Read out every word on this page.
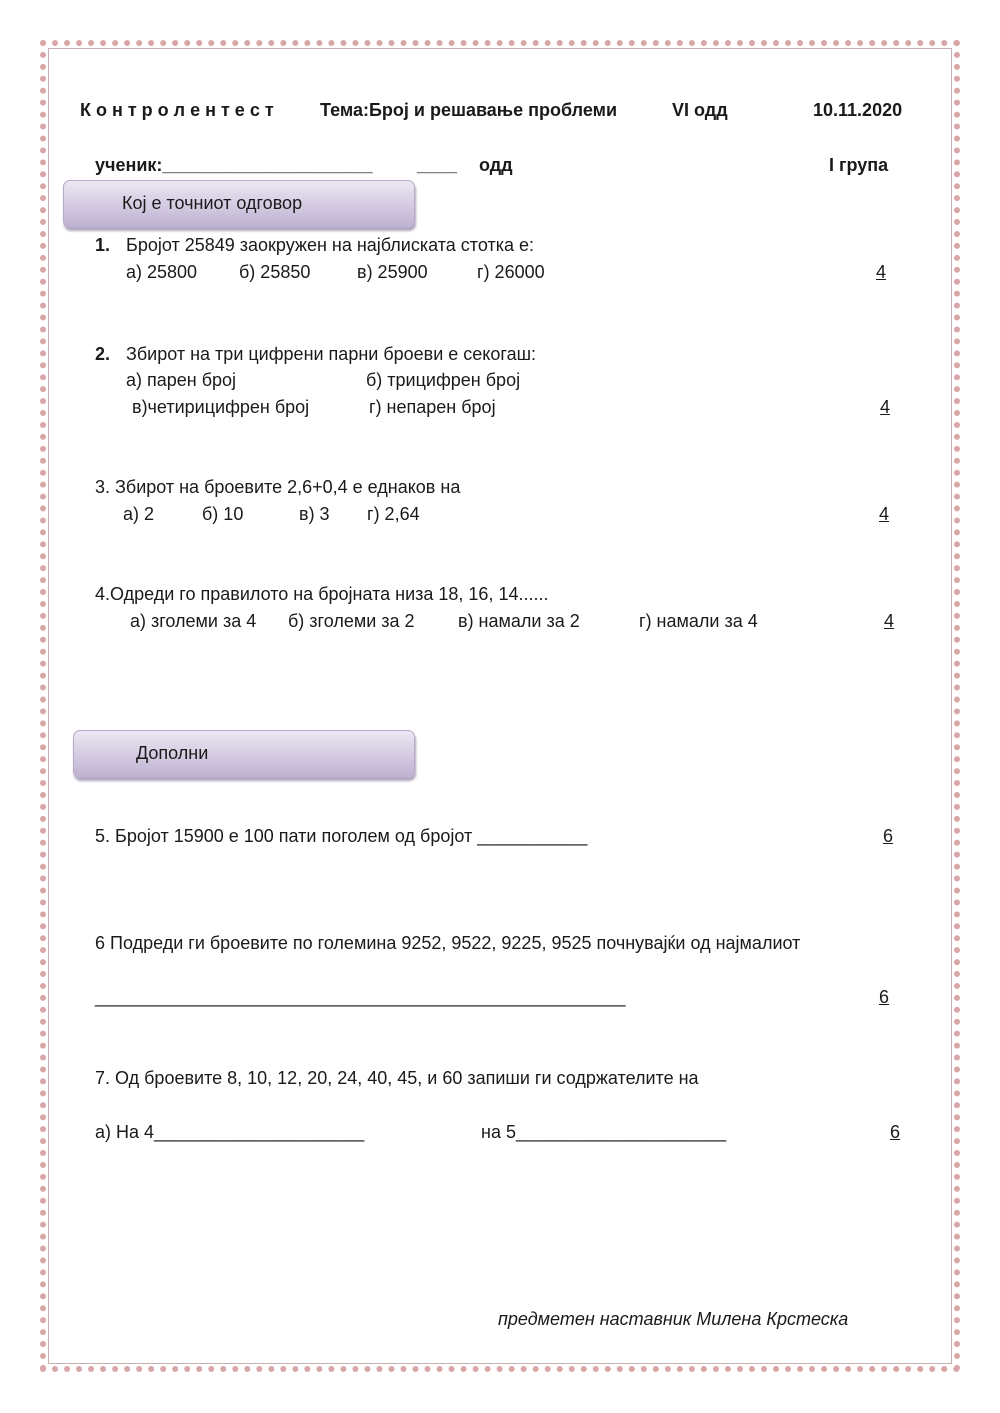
К о н т р о л е н т е с т	Тема:Број и решавање проблеми	VI одд	10.11.2020
ученик:_____________________ ____ одд	I група
Кој е точниот одговор
1. Бројот 25849 заокружен на најблиската стотка е:
а) 25800 б) 25850	в) 25900	г) 26000	4
2. Збирот на три цифрени парни броеви е секогаш:
а) парен број	б) трицифрен број
в)четирицифрен број	г) непарен број	4
3. Збирот на броевите 2,6+0,4 е еднаков на
а) 2	б) 10	в) 3 г) 2,64	4
4.Одреди го правилото на бројната низа 18, 16, 14......
а) зголеми за 4 б) зголеми за 2 в) намали за 2	г) намали за 4	4
Дополни
5. Бројот 15900 е 100 пати поголем од бројот ___________	6
6 Подреди ги броевите по големина 9252, 9522, 9225, 9525 почнувајќи од најмалиот
_____________________________________________________	6
7. Од броевите 8, 10, 12, 20, 24, 40, 45, и 60 запиши ги содржателите на
а) На 4_____________________	на 5_____________________	6
предметен наставник Милена Крстеска
